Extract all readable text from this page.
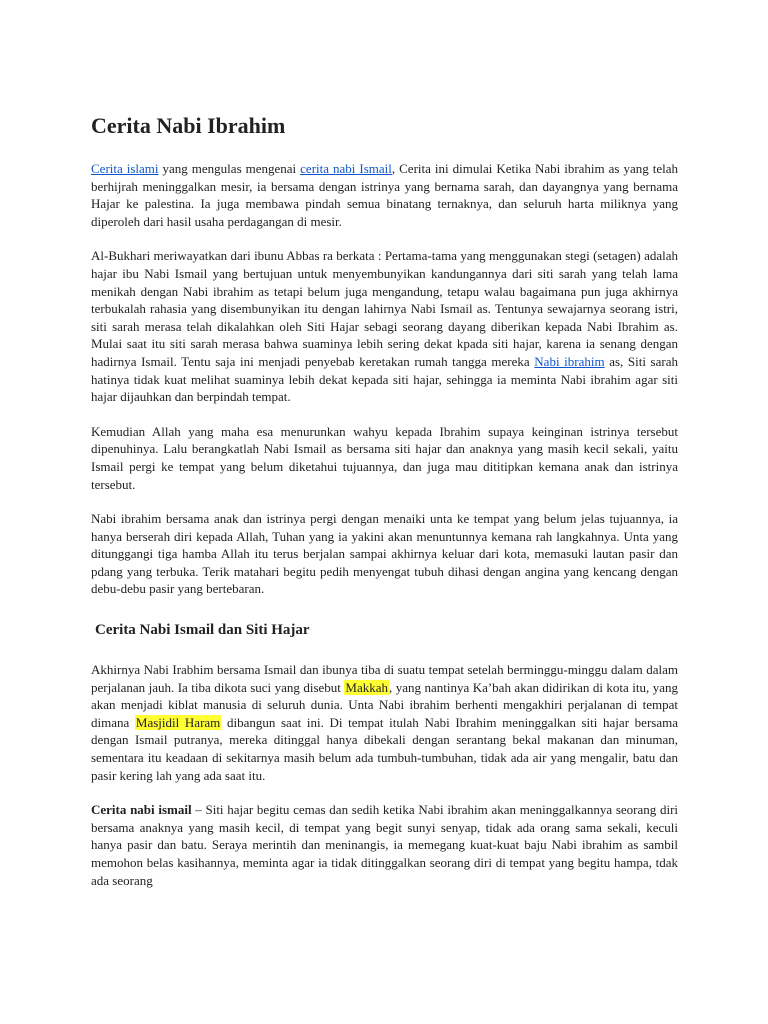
Cerita Nabi Ibrahim

Cerita islami yang mengulas mengenai cerita nabi Ismail, Cerita ini dimulai Ketika Nabi ibrahim as yang telah berhijrah meninggalkan mesir, ia bersama dengan istrinya yang bernama sarah, dan dayangnya yang bernama Hajar ke palestina. Ia juga membawa pindah semua binatang ternaknya, dan seluruh harta miliknya yang diperoleh dari hasil usaha perdagangan di mesir.

Al-Bukhari meriwayatkan dari ibunu Abbas ra berkata : Pertama-tama yang menggunakan stegi (setagen) adalah hajar ibu Nabi Ismail yang bertujuan untuk menyembunyikan kandungannya dari siti sarah yang telah lama menikah dengan Nabi ibrahim as tetapi belum juga mengandung, tetapu walau bagaimana pun juga akhirnya terbukalah rahasia yang disembunyikan itu dengan lahirnya Nabi Ismail as. Tentunya sewajarnya seorang istri, siti sarah merasa telah dikalahkan oleh Siti Hajar sebagi seorang dayang diberikan kepada Nabi Ibrahim as. Mulai saat itu siti sarah merasa bahwa suaminya lebih sering dekat kpada siti hajar, karena ia senang dengan hadirnya Ismail. Tentu saja ini menjadi penyebab keretakan rumah tangga mereka Nabi ibrahim as, Siti sarah hatinya tidak kuat melihat suaminya lebih dekat kepada siti hajar, sehingga ia meminta Nabi ibrahim agar siti hajar dijauhkan dan berpindah tempat.

Kemudian Allah yang maha esa menurunkan wahyu kepada Ibrahim supaya keinginan istrinya tersebut dipenuhinya. Lalu berangkatlah Nabi Ismail as bersama siti hajar dan anaknya yang masih kecil sekali, yaitu Ismail pergi ke tempat yang belum diketahui tujuannya, dan juga mau dititipkan kemana anak dan istrinya tersebut.

Nabi ibrahim bersama anak dan istrinya pergi dengan menaiki unta ke tempat yang belum jelas tujuannya, ia hanya berserah diri kepada Allah, Tuhan yang ia yakini akan menuntunnya kemana rah langkahnya. Unta yang ditunggangi tiga hamba Allah itu terus berjalan sampai akhirnya keluar dari kota, memasuki lautan pasir dan pdang yang terbuka. Terik matahari begitu pedih menyengat tubuh dihasi dengan angina yang kencang dengan debu-debu pasir yang bertebaran.

Cerita Nabi Ismail dan Siti Hajar

Akhirnya Nabi Irabhim bersama Ismail dan ibunya tiba di suatu tempat setelah berminggu-minggu dalam dalam perjalanan jauh. Ia tiba dikota suci yang disebut Makkah, yang nantinya Ka’bah akan didirikan di kota itu, yang akan menjadi kiblat manusia di seluruh dunia. Unta Nabi ibrahim berhenti mengakhiri perjalanan di tempat dimana Masjidil Haram dibangun saat ini. Di tempat itulah Nabi Ibrahim meninggalkan siti hajar bersama dengan Ismail putranya, mereka ditinggal hanya dibekali dengan serantang bekal makanan dan minuman, sementara itu keadaan di sekitarnya masih belum ada tumbuh-tumbuhan, tidak ada air yang mengalir, batu dan pasir kering lah yang ada saat itu.

Cerita nabi ismail – Siti hajar begitu cemas dan sedih ketika Nabi ibrahim akan meninggalkannya seorang diri bersama anaknya yang masih kecil, di tempat yang begit sunyi senyap, tidak ada orang sama sekali, keculi hanya pasir dan batu. Seraya merintih dan meninangis, ia memegang kuat-kuat baju Nabi ibrahim as sambil memohon belas kasihannya, meminta agar ia tidak ditinggalkan seorang diri di tempat yang begitu hampa, tdak ada seorang
